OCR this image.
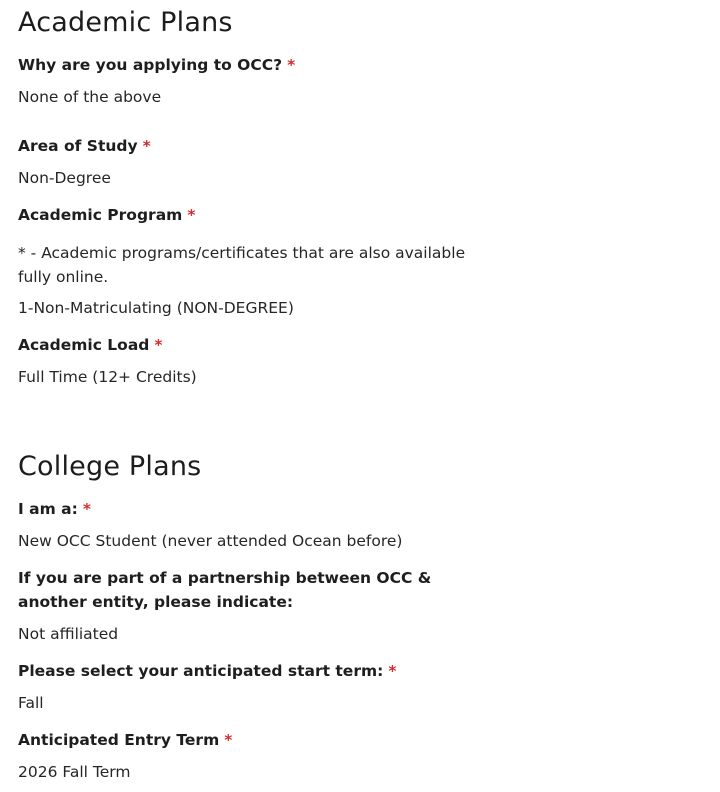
Academic Plans
Why are you applying to OCC? *
None of the above
Area of Study *
Non-Degree
Academic Program *
* - Academic programs/certificates that are also available fully online.
1-Non-Matriculating (NON-DEGREE)
Academic Load *
Full Time (12+ Credits)
College Plans
I am a: *
New OCC Student (never attended Ocean before)
If you are part of a partnership between OCC & another entity, please indicate:
Not affiliated
Please select your anticipated start term: *
Fall
Anticipated Entry Term *
2026 Fall Term
